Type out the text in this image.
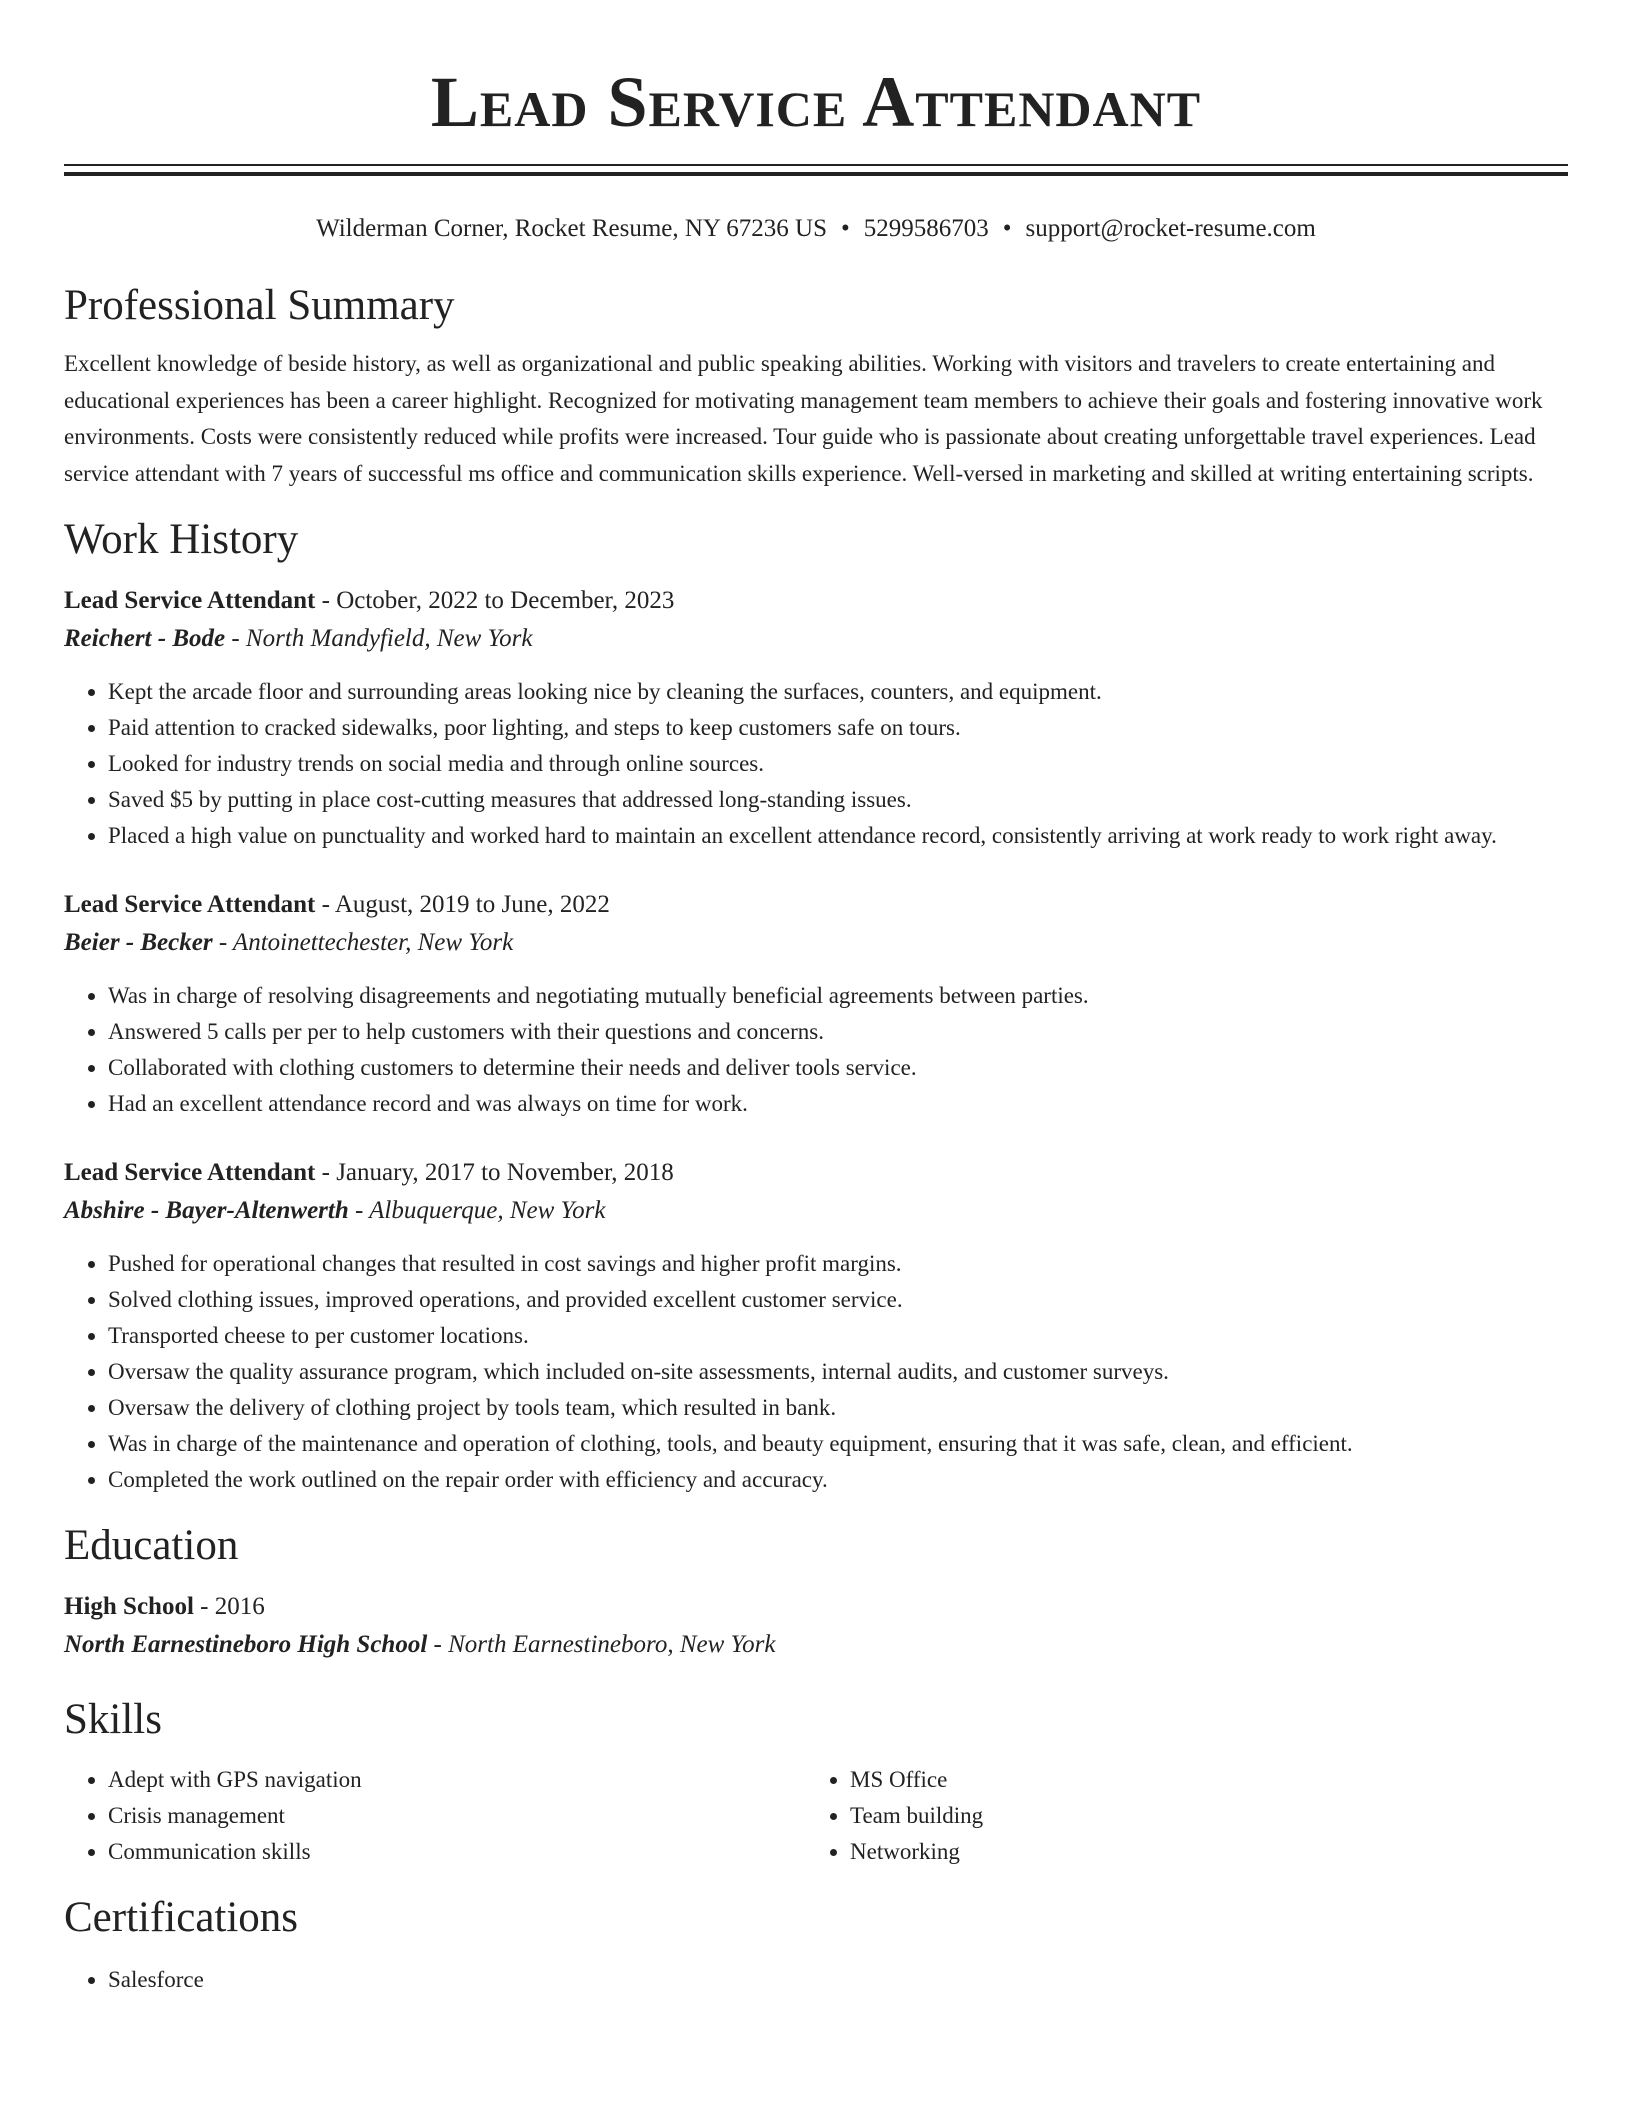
Lead Service Attendant
Wilderman Corner, Rocket Resume, NY 67236 US • 5299586703 • support@rocket-resume.com
Professional Summary

Excellent knowledge of beside history, as well as organizational and public speaking abilities. Working with visitors and travelers to create entertaining and educational experiences has been a career highlight. Recognized for motivating management team members to achieve their goals and fostering innovative work environments. Costs were consistently reduced while profits were increased. Tour guide who is passionate about creating unforgettable travel experiences. Lead service attendant with 7 years of successful ms office and communication skills experience. Well-versed in marketing and skilled at writing entertaining scripts.

Work History
Lead Service Attendant - October, 2022 to December, 2023
Reichert - Bode - North Mandyfield, New York
• Kept the arcade floor and surrounding areas looking nice by cleaning the surfaces, counters, and equipment.
• Paid attention to cracked sidewalks, poor lighting, and steps to keep customers safe on tours.
• Looked for industry trends on social media and through online sources.
• Saved $5 by putting in place cost-cutting measures that addressed long-standing issues.
• Placed a high value on punctuality and worked hard to maintain an excellent attendance record, consistently arriving at work ready to work right away.
Lead Service Attendant - August, 2019 to June, 2022
Beier - Becker - Antoinettechester, New York
• Was in charge of resolving disagreements and negotiating mutually beneficial agreements between parties.
• Answered 5 calls per per to help customers with their questions and concerns.
• Collaborated with clothing customers to determine their needs and deliver tools service.
• Had an excellent attendance record and was always on time for work.
Lead Service Attendant - January, 2017 to November, 2018
Abshire - Bayer-Altenwerth - Albuquerque, New York
• Pushed for operational changes that resulted in cost savings and higher profit margins.
• Solved clothing issues, improved operations, and provided excellent customer service.
• Transported cheese to per customer locations.
• Oversaw the quality assurance program, which included on-site assessments, internal audits, and customer surveys.
• Oversaw the delivery of clothing project by tools team, which resulted in bank.
• Was in charge of the maintenance and operation of clothing, tools, and beauty equipment, ensuring that it was safe, clean, and efficient.
• Completed the work outlined on the repair order with efficiency and accuracy.
Education
High School - 2016
North Earnestineboro High School - North Earnestineboro, New York
Skills
• Adept with GPS navigation
• Crisis management
• Communication skills
• MS Office
• Team building
• Networking
Certifications
• Salesforce
